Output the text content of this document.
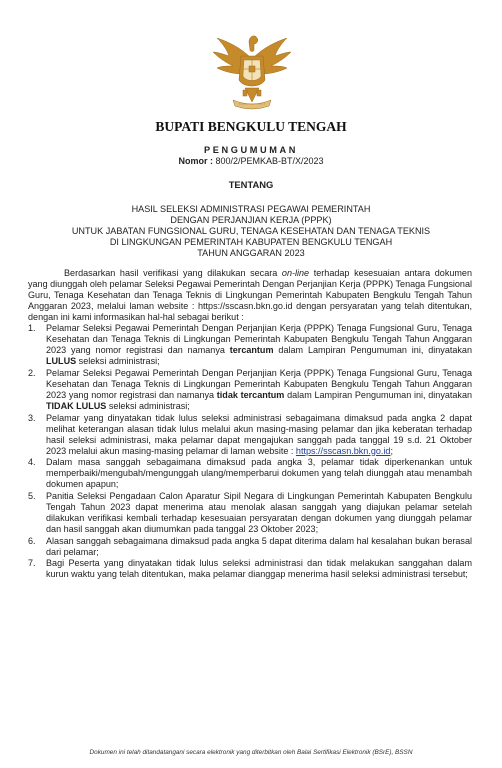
BUPATI BENGKULU TENGAH
PENGUMUMAN
Nomor : 800/2/PEMKAB-BT/X/2023
TENTANG
HASIL SELEKSI ADMINISTRASI PEGAWAI PEMERINTAH
DENGAN PERJANJIAN KERJA (PPPK)
UNTUK JABATAN FUNGSIONAL GURU, TENAGA KESEHATAN DAN TENAGA TEKNIS
DI LINGKUNGAN PEMERINTAH KABUPATEN BENGKULU TENGAH
TAHUN ANGGARAN 2023

Berdasarkan hasil verifikasi yang dilakukan secara on-line terhadap kesesuaian antara dokumen yang diunggah oleh pelamar Seleksi Pegawai Pemerintah Dengan Perjanjian Kerja (PPPK) Tenaga Fungsional Guru, Tenaga Kesehatan dan Tenaga Teknis di Lingkungan Pemerintah Kabupaten Bengkulu Tengah Tahun Anggaran 2023, melalui laman website : https://sscasn.bkn.go.id dengan persyaratan yang telah ditentukan, dengan ini kami informasikan hal-hal sebagai berikut :

1. Pelamar Seleksi Pegawai Pemerintah Dengan Perjanjian Kerja (PPPK) Tenaga Fungsional Guru, Tenaga Kesehatan dan Tenaga Teknis di Lingkungan Pemerintah Kabupaten Bengkulu Tengah Tahun Anggaran 2023 yang nomor registrasi dan namanya tercantum dalam Lampiran Pengumuman ini, dinyatakan LULUS seleksi administrasi;
2. Pelamar Seleksi Pegawai Pemerintah Dengan Perjanjian Kerja (PPPK) Tenaga Fungsional Guru, Tenaga Kesehatan dan Tenaga Teknis di Lingkungan Pemerintah Kabupaten Bengkulu Tengah Tahun Anggaran 2023 yang nomor registrasi dan namanya tidak tercantum dalam Lampiran Pengumuman ini, dinyatakan TIDAK LULUS seleksi administrasi;
3. Pelamar yang dinyatakan tidak lulus seleksi administrasi sebagaimana dimaksud pada angka 2 dapat melihat keterangan alasan tidak lulus melalui akun masing-masing pelamar dan jika keberatan terhadap hasil seleksi administrasi, maka pelamar dapat mengajukan sanggah pada tanggal 19 s.d. 21 Oktober 2023 melalui akun masing-masing pelamar di laman website : https://sscasn.bkn.go.id;
4. Dalam masa sanggah sebagaimana dimaksud pada angka 3, pelamar tidak diperkenankan untuk memperbaiki/mengubah/mengunggah ulang/memperbarui dokumen yang telah diunggah atau menambah dokumen apapun;
5. Panitia Seleksi Pengadaan Calon Aparatur Sipil Negara di Lingkungan Pemerintah Kabupaten Bengkulu Tengah Tahun 2023 dapat menerima atau menolak alasan sanggah yang diajukan pelamar setelah dilakukan verifikasi kembali terhadap kesesuaian persyaratan dengan dokumen yang diunggah pelamar dan hasil sanggah akan diumumkan pada tanggal 23 Oktober 2023;
6. Alasan sanggah sebagaimana dimaksud pada angka 5 dapat diterima dalam hal kesalahan bukan berasal dari pelamar;
7. Bagi Peserta yang dinyatakan tidak lulus seleksi administrasi dan tidak melakukan sanggahan dalam kurun waktu yang telah ditentukan, maka pelamar dianggap menerima hasil seleksi administrasi tersebut;
Dokumen ini telah ditandatangani secara elektronik yang diterbitkan oleh Balai Sertifikasi Elektronik (BSrE), BSSN
